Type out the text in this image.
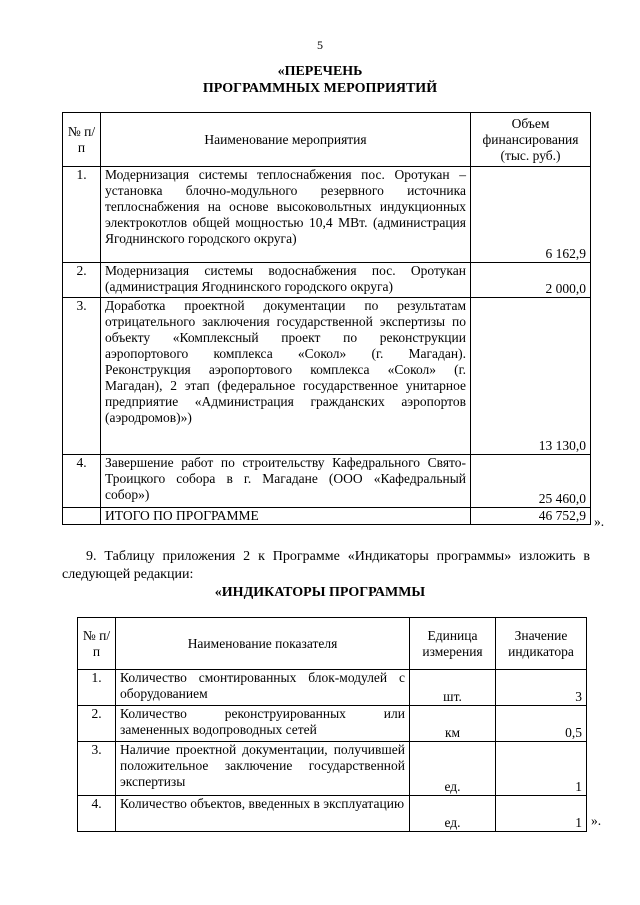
5
«ПЕРЕЧЕНЬ
ПРОГРАММНЫХ МЕРОПРИЯТИЙ
№ п/п	Наименование мероприятия	Объем финансирования (тыс. руб.)
1.	Модернизация системы теплоснабжения пос. Оротукан –установка блочно-модульного резервного источника теплоснабжения на основе высоковольтных индукционных электрокотлов общей мощностью 10,4 МВт. (администрация Ягоднинского городского округа)	6 162,9
2.	Модернизация системы водоснабжения пос. Оротукан (администрация Ягоднинского городского округа)	2 000,0
3.	Доработка проектной документации по результатам отрицательного заключения государственной экспертизы по объекту «Комплексный проект по реконструкции аэропортового комплекса «Сокол» (г. Магадан). Реконструкция аэропортового комплекса «Сокол» (г. Магадан), 2 этап (федеральное государственное унитарное предприятие «Администрация гражданских аэропортов (аэродромов)»)	13 130,0
4.	Завершение работ по строительству Кафедрального Свято-Троицкого собора в г. Магадане (ООО «Кафедральный собор»)	25 460,0
	ИТОГО ПО ПРОГРАММЕ	46 752,9 ».
9. Таблицу приложения 2 к Программе «Индикаторы программы» изложить в следующей редакции:
«ИНДИКАТОРЫ ПРОГРАММЫ
№ п/п	Наименование показателя	Единица измерения	Значение индикатора
1.	Количество смонтированных блок-модулей с оборудованием	шт.	3
2.	Количество реконструированных или замененных водопроводных сетей	км	0,5
3.	Наличие проектной документации, получившей положительное заключение государственной экспертизы	ед.	1
4.	Количество объектов, введенных в эксплуатацию	ед.	1 ».
